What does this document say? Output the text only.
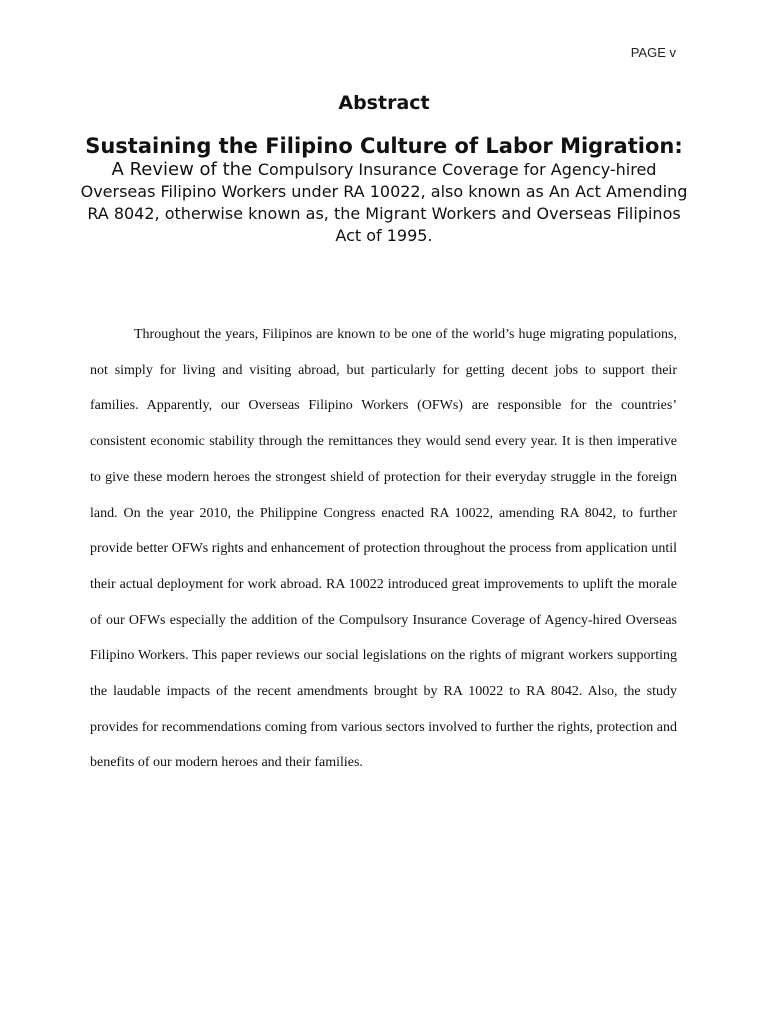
PAGE v
Abstract
Sustaining the Filipino Culture of Labor Migration: A Review of the Compulsory Insurance Coverage for Agency-hired Overseas Filipino Workers under RA 10022, also known as An Act Amending RA 8042, otherwise known as, the Migrant Workers and Overseas Filipinos Act of 1995.

Throughout the years, Filipinos are known to be one of the world’s huge migrating populations, not simply for living and visiting abroad, but particularly for getting decent jobs to support their families. Apparently, our Overseas Filipino Workers (OFWs) are responsible for the countries’ consistent economic stability through the remittances they would send every year. It is then imperative to give these modern heroes the strongest shield of protection for their everyday struggle in the foreign land. On the year 2010, the Philippine Congress enacted RA 10022, amending RA 8042, to further provide better OFWs rights and enhancement of protection throughout the process from application until their actual deployment for work abroad. RA 10022 introduced great improvements to uplift the morale of our OFWs especially the addition of the Compulsory Insurance Coverage of Agency-hired Overseas Filipino Workers. This paper reviews our social legislations on the rights of migrant workers supporting the laudable impacts of the recent amendments brought by RA 10022 to RA 8042. Also, the study provides for recommendations coming from various sectors involved to further the rights, protection and benefits of our modern heroes and their families.
